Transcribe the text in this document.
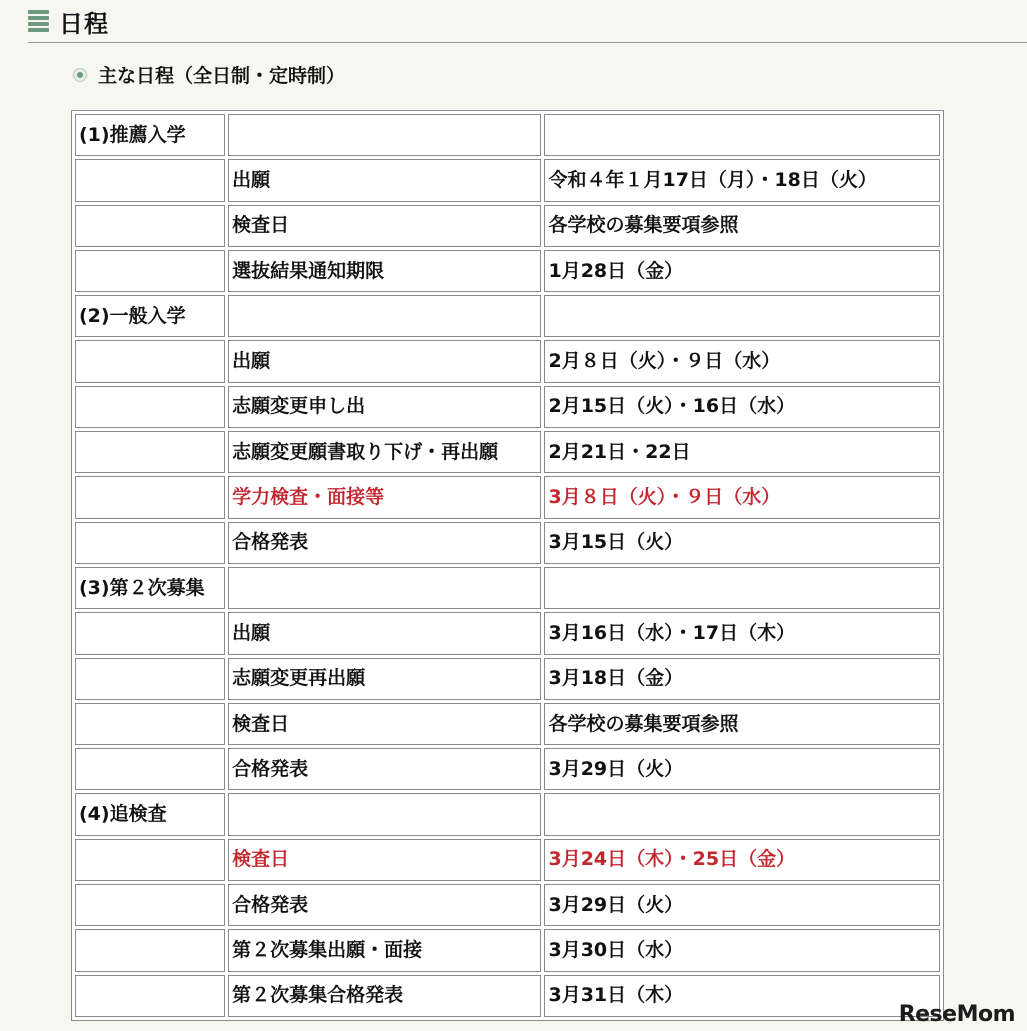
日程
主な日程（全日制・定時制）
(1)推薦入学		
	出願	令和４年１月17日（月）・18日（火）
	検査日	各学校の募集要項参照
	選抜結果通知期限	1月28日（金）
(2)一般入学		
	出願	2月８日（火）・９日（水）
	志願変更申し出	2月15日（火）・16日（水）
	志願変更願書取り下げ・再出願	2月21日・22日
	学力検査・面接等	3月８日（火）・９日（水）
	合格発表	3月15日（火）
(3)第２次募集		
	出願	3月16日（水）・17日（木）
	志願変更再出願	3月18日（金）
	検査日	各学校の募集要項参照
	合格発表	3月29日（火）
(4)追検査		
	検査日	3月24日（木）・25日（金）
	合格発表	3月29日（火）
	第２次募集出願・面接	3月30日（水）
	第２次募集合格発表	3月31日（木）
ReseMom
